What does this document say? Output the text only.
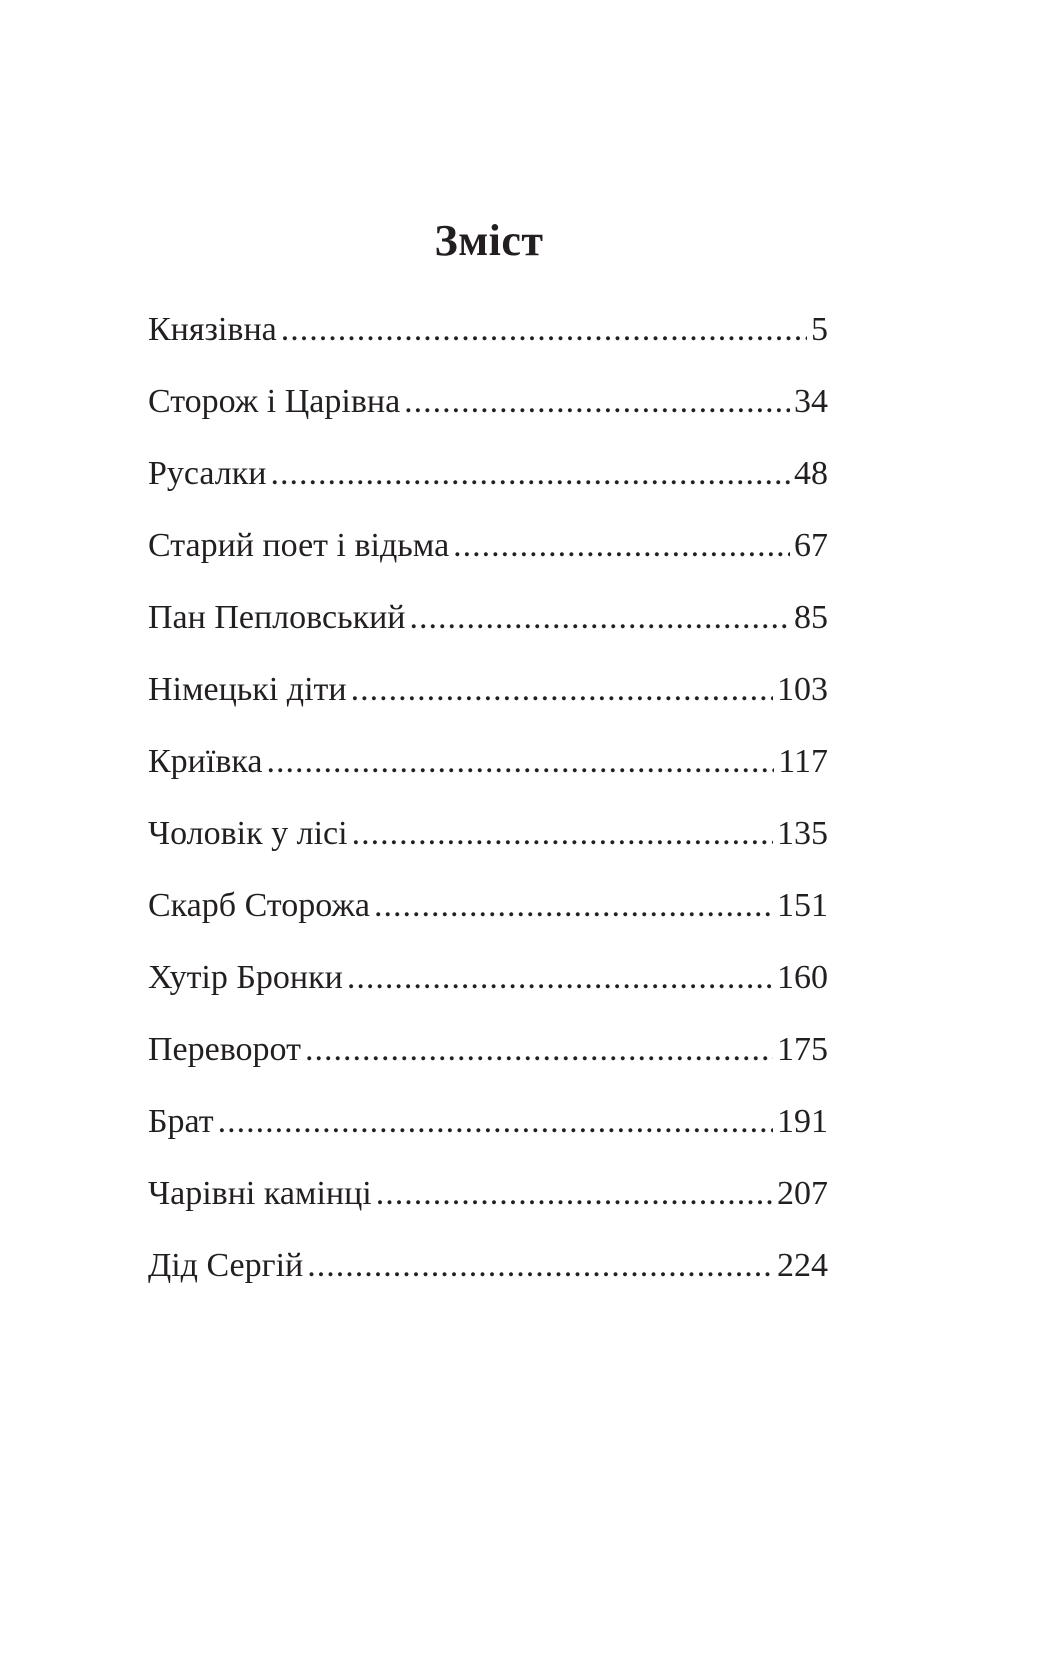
Зміст
Князівна .....	5
Сторож і Царівна .....	34
Русалки .....	48
Старий поет і відьма .....	67
Пан Пепловський .....	85
Німецькі діти .....	103
Криївка .....	117
Чоловік у лісі .....	135
Скарб Сторожа .....	151
Хутір Бронки .....	160
Переворот .....	175
Брат .....	191
Чарівні камінці .....	207
Дід Сергій .....	224
